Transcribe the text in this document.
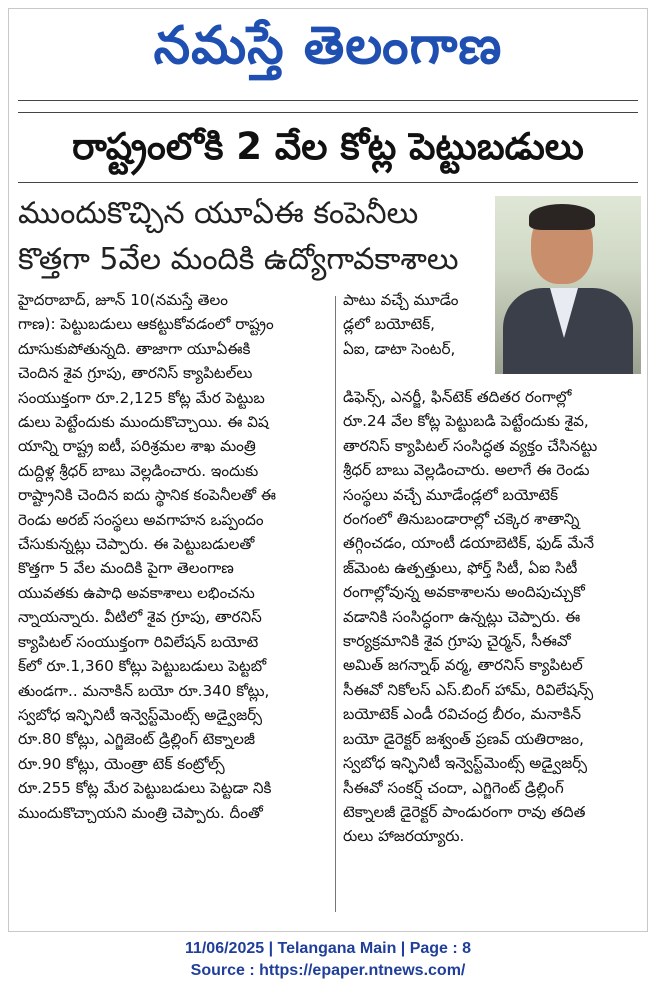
నమస్తే తెలంగాణ
రాష్ట్రంలోకి 2 వేల కోట్ల పెట్టుబడులు
ముందుకొచ్చిన యూఏఈ కంపెనీలు
కొత్తగా 5వేల మందికి ఉద్యోగావకాశాలు
హైదరాబాద్, జూన్ 10(నమస్తే తెలం
గాణ): పెట్టుబడులు ఆకట్టుకోవడంలో రాష్ట్రం
దూసుకుపోతున్నది. తాజాగా యూఏఈకి
చెందిన శైవ గ్రూపు, తారనిస్ క్యాపిటల్‌లు
సంయుక్తంగా రూ.2,125 కోట్ల మేర పెట్టుబ
డులు పెట్టేందుకు ముందుకొచ్చాయి. ఈ విష
యాన్ని రాష్ట్ర ఐటీ, పరిశ్రమల శాఖ మంత్రి
దుద్దిళ్ల శ్రీధర్ బాబు వెల్లడించారు. ఇందుకు
రాష్ట్రానికి చెందిన ఐదు స్థానిక కంపెనీలతో ఈ
రెండు అరబ్ సంస్థలు అవగాహన ఒప్పందం
చేసుకున్నట్లు చెప్పారు. ఈ పెట్టుబడులతో
కొత్తగా 5 వేల మందికి పైగా తెలంగాణ
యువతకు ఉపాధి అవకాశాలు లభించను
న్నాయన్నారు. వీటిలో శైవ గ్రూపు, తారనిస్
క్యాపిటల్ సంయుక్తంగా రివిలేషన్ బయోటె
క్‌లో రూ.1,360 కోట్లు పెట్టుబడులు పెట్టబో
తుండగా.. మనాకిన్ బయో రూ.340 కోట్లు,
స్వబోధ ఇన్ఫినిటీ ఇన్వెస్ట్‌మెంట్స్ అడ్వైజర్స్
రూ.80 కోట్లు, ఎగ్జిజెంట్ డ్రిల్లింగ్ టెక్నాలజీ
రూ.90 కోట్లు, యెంత్రా టెక్ కంట్రోల్స్
రూ.255 కోట్ల మేర పెట్టుబడులు పెట్టడా నికి
ముందుకొచ్చాయని మంత్రి చెప్పారు. దీంతో
పాటు వచ్చే మూడేం
డ్లలో బయోటెక్,
ఏఐ, డాటా సెంటర్,
డిఫెన్స్, ఎనర్జీ, ఫిన్‌టెక్ తదితర రంగాల్లో
రూ.24 వేల కోట్ల పెట్టుబడి పెట్టేందుకు శైవ,
తారనిస్ క్యాపిటల్ సంసిద్ధత వ్యక్తం చేసినట్టు
శ్రీధర్ బాబు వెల్లడించారు. అలాగే ఈ రెండు
సంస్థలు వచ్చే మూడేండ్లలో బయోటెక్
రంగంలో తినుబండారాల్లో చక్కెర శాతాన్ని
తగ్గించడం, యాంటీ డయాబెటిక్, ఫుడ్ మేనే
జ్‌మెంట ఉత్పత్తులు, ఫోర్త్ సిటీ, ఏఐ సిటీ
రంగాల్లోవున్న అవకాశాలను అందిపుచ్చుకో
వడానికి సంసిద్ధంగా ఉన్నట్లు చెప్పారు. ఈ
కార్యక్రమానికి శైవ గ్రూపు చైర్మన్, సీఈవో
అమిత్ జగన్నాథ్ వర్మ, తారనిస్ క్యాపిటల్
సీఈవో నికోలస్ ఎస్.బింగ్ హామ్, రివిలేషన్స్
బయోటెక్ ఎండీ రవిచంద్ర బీరం, మనాకిన్
బయో డైరెక్టర్ జశ్వంత్ ప్రణవ్ యతిరాజం,
స్వబోధ ఇన్ఫినిటీ ఇన్వెస్ట్‌మెంట్స్ అడ్వైజర్స్
సీఈవో సంకర్ష్ చందా, ఎగ్జిగెంట్ డ్రిల్లింగ్
టెక్నాలజీ డైరెక్టర్ పాండురంగా రావు తదిత
రులు హాజరయ్యారు.
11/06/2025 | Telangana Main | Page : 8
Source : https://epaper.ntnews.com/
